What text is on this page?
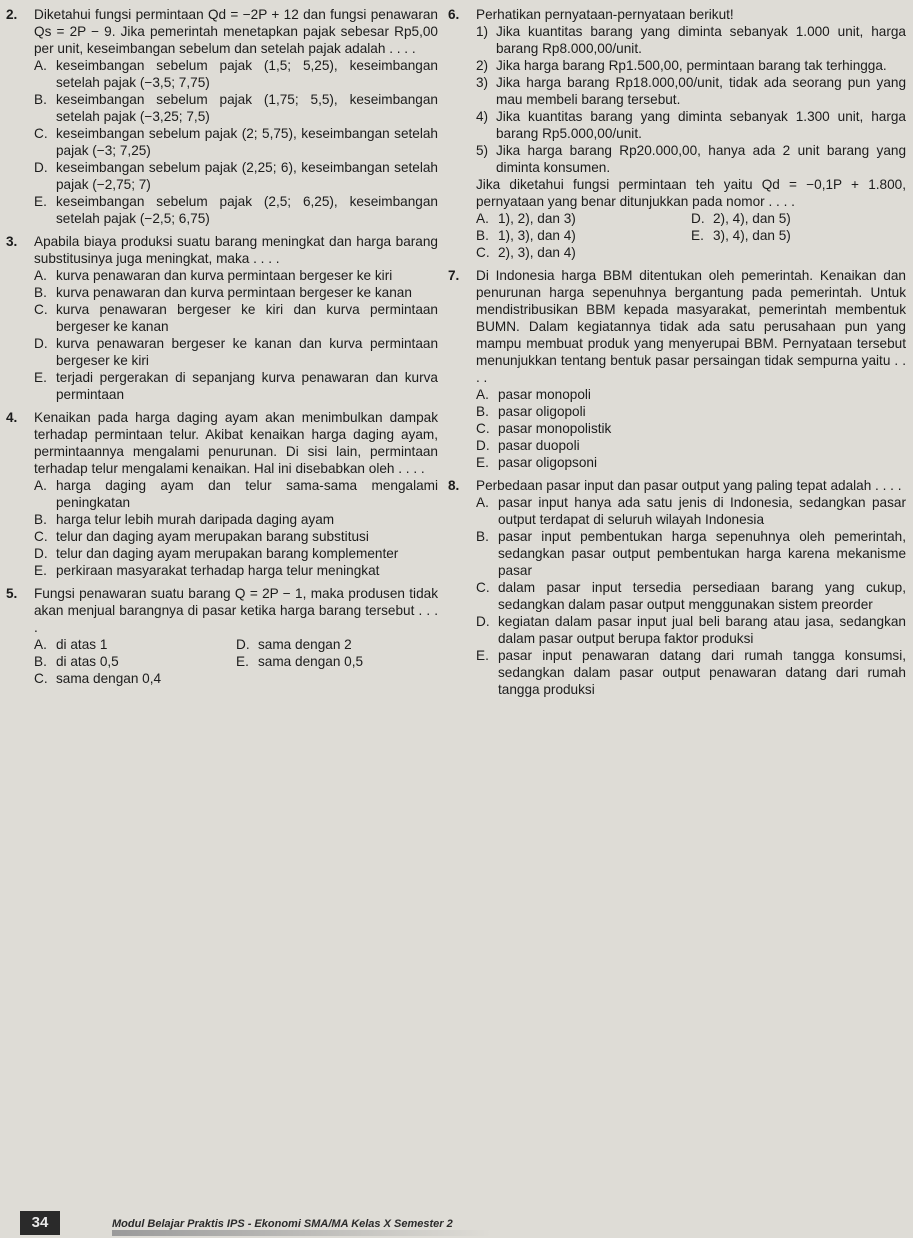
2. Diketahui fungsi permintaan Qd = −2P + 12 dan fungsi penawaran Qs = 2P − 9. Jika pemerintah menetapkan pajak sebesar Rp5,00 per unit, keseimbangan sebelum dan setelah pajak adalah . . . .
A. keseimbangan sebelum pajak (1,5; 5,25), keseimbangan setelah pajak (−3,5; 7,75)
B. keseimbangan sebelum pajak (1,75; 5,5), keseimbangan setelah pajak (−3,25; 7,5)
C. keseimbangan sebelum pajak (2; 5,75), keseimbangan setelah pajak (−3; 7,25)
D. keseimbangan sebelum pajak (2,25; 6), keseimbangan setelah pajak (−2,75; 7)
E. keseimbangan sebelum pajak (2,5; 6,25), keseimbangan setelah pajak (−2,5; 6,75)
3. Apabila biaya produksi suatu barang meningkat dan harga barang substitusinya juga meningkat, maka . . . .
A. kurva penawaran dan kurva permintaan bergeser ke kiri
B. kurva penawaran dan kurva permintaan bergeser ke kanan
C. kurva penawaran bergeser ke kiri dan kurva permintaan bergeser ke kanan
D. kurva penawaran bergeser ke kanan dan kurva permintaan bergeser ke kiri
E. terjadi pergerakan di sepanjang kurva penawaran dan kurva permintaan
4. Kenaikan pada harga daging ayam akan menimbulkan dampak terhadap permintaan telur. Akibat kenaikan harga daging ayam, permintaannya mengalami penurunan. Di sisi lain, permintaan terhadap telur mengalami kenaikan. Hal ini disebabkan oleh . . . .
A. harga daging ayam dan telur sama-sama mengalami peningkatan
B. harga telur lebih murah daripada daging ayam
C. telur dan daging ayam merupakan barang substitusi
D. telur dan daging ayam merupakan barang komplementer
E. perkiraan masyarakat terhadap harga telur meningkat
5. Fungsi penawaran suatu barang Q = 2P − 1, maka produsen tidak akan menjual barangnya di pasar ketika harga barang tersebut . . . .
A. di atas 1	D. sama dengan 2
B. di atas 0,5	E. sama dengan 0,5
C. sama dengan 0,4
6. Perhatikan pernyataan-pernyataan berikut!
1) Jika kuantitas barang yang diminta sebanyak 1.000 unit, harga barang Rp8.000,00/unit.
2) Jika harga barang Rp1.500,00, permintaan barang tak terhingga.
3) Jika harga barang Rp18.000,00/unit, tidak ada seorang pun yang mau membeli barang tersebut.
4) Jika kuantitas barang yang diminta sebanyak 1.300 unit, harga barang Rp5.000,00/unit.
5) Jika harga barang Rp20.000,00, hanya ada 2 unit barang yang diminta konsumen.
Jika diketahui fungsi permintaan teh yaitu Qd = −0,1P + 1.800, pernyataan yang benar ditunjukkan pada nomor . . . .
A. 1), 2), dan 3)	D. 2), 4), dan 5)
B. 1), 3), dan 4)	E. 3), 4), dan 5)
C. 2), 3), dan 4)
7. Di Indonesia harga BBM ditentukan oleh pemerintah. Kenaikan dan penurunan harga sepenuhnya bergantung pada pemerintah. Untuk mendistribusikan BBM kepada masyarakat, pemerintah membentuk BUMN. Dalam kegiatannya tidak ada satu perusahaan pun yang mampu membuat produk yang menyerupai BBM. Pernyataan tersebut menunjukkan tentang bentuk pasar persaingan tidak sempurna yaitu . . . .
A. pasar monopoli
B. pasar oligopoli
C. pasar monopolistik
D. pasar duopoli
E. pasar oligopsoni
8. Perbedaan pasar input dan pasar output yang paling tepat adalah . . . .
A. pasar input hanya ada satu jenis di Indonesia, sedangkan pasar output terdapat di seluruh wilayah Indonesia
B. pasar input pembentukan harga sepenuhnya oleh pemerintah, sedangkan pasar output pembentukan harga karena mekanisme pasar
C. dalam pasar input tersedia persediaan barang yang cukup, sedangkan dalam pasar output menggunakan sistem preorder
D. kegiatan dalam pasar input jual beli barang atau jasa, sedangkan dalam pasar output berupa faktor produksi
E. pasar input penawaran datang dari rumah tangga konsumsi, sedangkan dalam pasar output penawaran datang dari rumah tangga produksi
34	Modul Belajar Praktis IPS - Ekonomi SMA/MA Kelas X Semester 2
